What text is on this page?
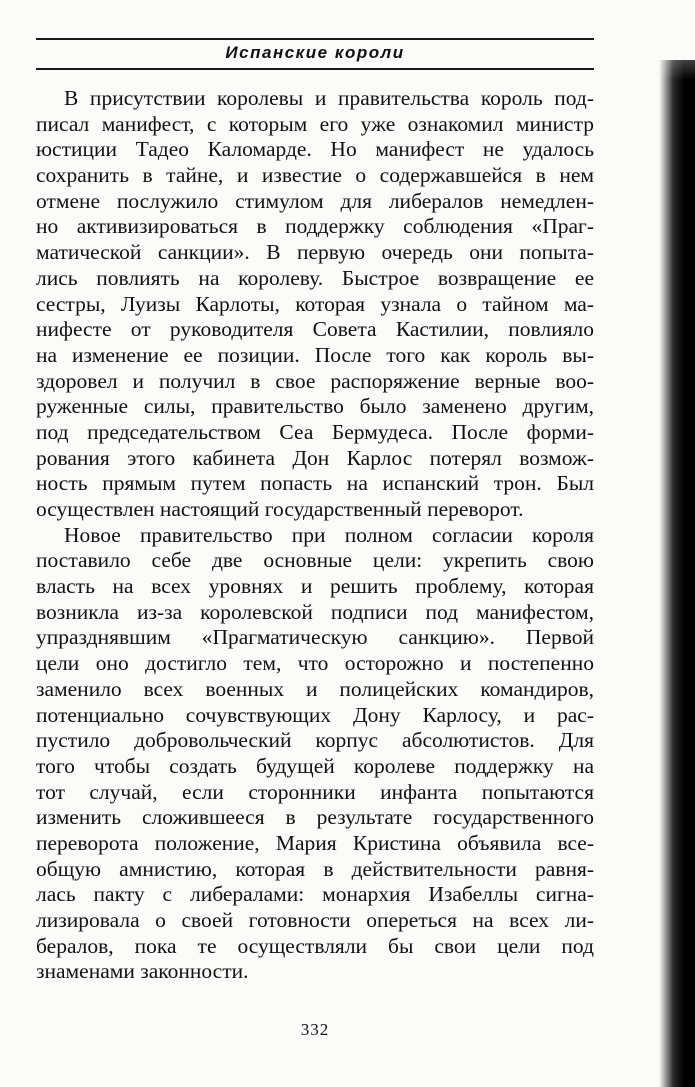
Испанские короли
В присутствии королевы и правительства король под-
писал манифест, с которым его уже ознакомил министр
юстиции Тадео Каломарде. Но манифест не удалось
сохранить в тайне, и известие о содержавшейся в нем
отмене послужило стимулом для либералов немедлен-
но активизироваться в поддержку соблюдения «Праг-
матической санкции». В первую очередь они попыта-
лись повлиять на королеву. Быстрое возвращение ее
сестры, Луизы Карлоты, которая узнала о тайном ма-
нифесте от руководителя Совета Кастилии, повлияло
на изменение ее позиции. После того как король вы-
здоровел и получил в свое распоряжение верные воо-
руженные силы, правительство было заменено другим,
под председательством Сеа Бермудеса. После форми-
рования этого кабинета Дон Карлос потерял возмож-
ность прямым путем попасть на испанский трон. Был
осуществлен настоящий государственный переворот.
Новое правительство при полном согласии короля
поставило себе две основные цели: укрепить свою
власть на всех уровнях и решить проблему, которая
возникла из-за королевской подписи под манифестом,
упразднявшим «Прагматическую санкцию». Первой
цели оно достигло тем, что осторожно и постепенно
заменило всех военных и полицейских командиров,
потенциально сочувствующих Дону Карлосу, и рас-
пустило добровольческий корпус абсолютистов. Для
того чтобы создать будущей королеве поддержку на
тот случай, если сторонники инфанта попытаются
изменить сложившееся в результате государственного
переворота положение, Мария Кристина объявила все-
общую амнистию, которая в действительности равня-
лась пакту с либералами: монархия Изабеллы сигна-
лизировала о своей готовности опереться на всех ли-
бералов, пока те осуществляли бы свои цели под
знаменами законности.
332
